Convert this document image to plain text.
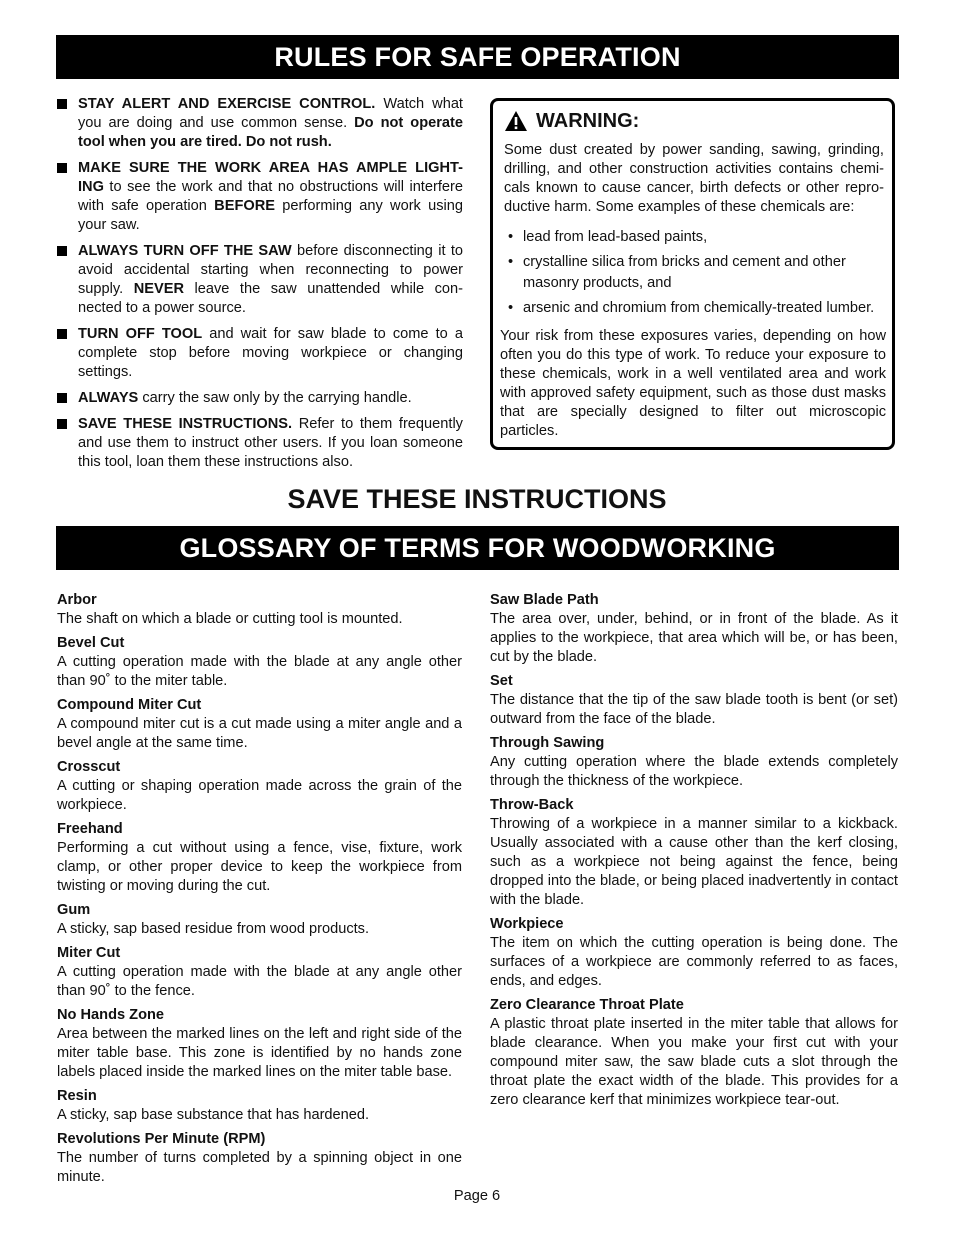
RULES FOR SAFE OPERATION
STAY ALERT AND EXERCISE CONTROL. Watch what you are doing and use common sense. Do not operate tool when you are tired. Do not rush.
MAKE SURE THE WORK AREA HAS AMPLE LIGHT- ING to see the work and that no obstructions will interfere with safe operation BEFORE performing any work using your saw.
ALWAYS TURN OFF THE SAW before disconnecting it to avoid accidental starting when reconnecting to power supply. NEVER leave the saw unattended while con- nected to a power source.
TURN OFF TOOL and wait for saw blade to come to a complete stop before moving workpiece or changing settings.
ALWAYS carry the saw only by the carrying handle.
SAVE THESE INSTRUCTIONS. Refer to them frequently and use them to instruct other users. If you loan someone this tool, loan them these instructions also.
WARNING:

Some dust created by power sanding, sawing, grinding, drilling, and other construction activities contains chemi- cals known to cause cancer, birth defects or other repro- ductive harm. Some examples of these chemicals are:

• lead from lead-based paints,
• crystalline silica from bricks and cement and other masonry products, and
• arsenic and chromium from chemically-treated lumber.

Your risk from these exposures varies, depending on how often you do this type of work. To reduce your exposure to these chemicals, work in a well ventilated area and work with approved safety equipment, such as those dust masks that are specially designed to filter out microscopic particles.

SAVE THESE INSTRUCTIONS
GLOSSARY OF TERMS FOR WOODWORKING
Arbor
The shaft on which a blade or cutting tool is mounted.
Bevel Cut
A cutting operation made with the blade at any angle other than 90˚ to the miter table.
Compound Miter Cut
A compound miter cut is a cut made using a miter angle and a bevel angle at the same time.
Crosscut
A cutting or shaping operation made across the grain of the workpiece.
Freehand
Performing a cut without using a fence, vise, fixture, work clamp, or other proper device to keep the workpiece from twisting or moving during the cut.
Gum
A sticky, sap based residue from wood products.
Miter Cut
A cutting operation made with the blade at any angle other than 90˚ to the fence.
No Hands Zone
Area between the marked lines on the left and right side of the miter table base. This zone is identified by no hands zone labels placed inside the marked lines on the miter table base.
Resin
A sticky, sap base substance that has hardened.
Revolutions Per Minute (RPM)
The number of turns completed by a spinning object in one minute.
Saw Blade Path
The area over, under, behind, or in front of the blade. As it applies to the workpiece, that area which will be, or has been, cut by the blade.
Set
The distance that the tip of the saw blade tooth is bent (or set) outward from the face of the blade.
Through Sawing
Any cutting operation where the blade extends completely through the thickness of the workpiece.
Throw-Back
Throwing of a workpiece in a manner similar to a kickback. Usually associated with a cause other than the kerf closing, such as a workpiece not being against the fence, being dropped into the blade, or being placed inadvertently in contact with the blade.
Workpiece
The item on which the cutting operation is being done. The surfaces of a workpiece are commonly referred to as faces, ends, and edges.
Zero Clearance Throat Plate
A plastic throat plate inserted in the miter table that allows for blade clearance. When you make your first cut with your compound miter saw, the saw blade cuts a slot through the throat plate the exact width of the blade. This provides for a zero clearance kerf that minimizes workpiece tear-out.
Page 6
